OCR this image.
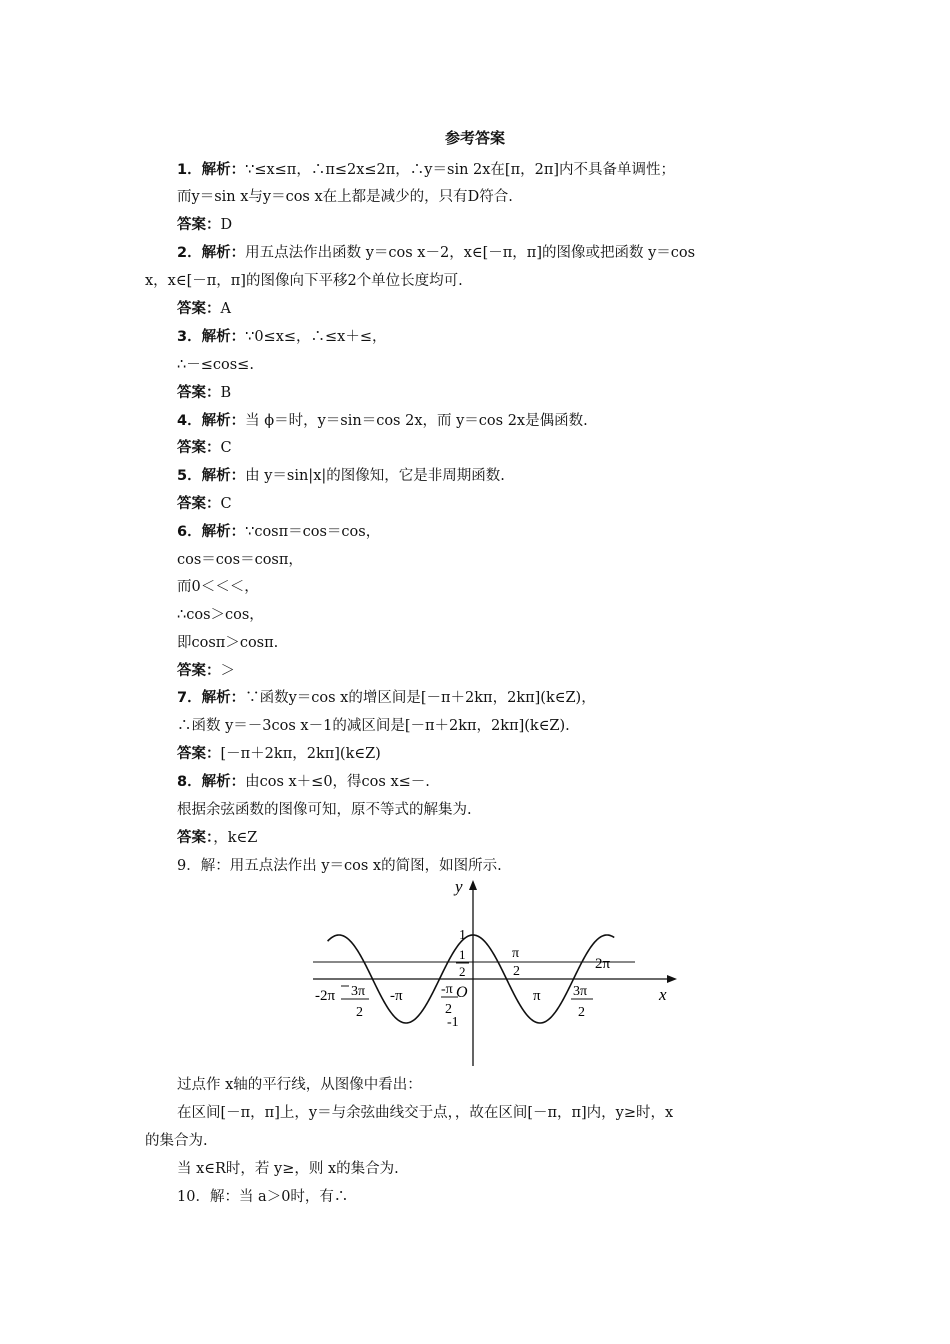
参考答案
1．解析：∵≤x≤π，∴π≤2x≤2π，∴y＝sin 2x在[π，2π]内不具备单调性；
而y＝sin x与y＝cos x在上都是减少的，只有D符合.
答案：D
2．解析：用五点法作出函数 y＝cos x－2，x∈[－π，π]的图像或把函数 y＝cos
x，x∈[－π，π]的图像向下平移2个单位长度均可.
答案：A
3．解析：∵0≤x≤，∴≤x＋≤，
∴－≤cos≤.
答案：B
4．解析：当 ϕ＝时，y＝sin＝cos 2x，而 y＝cos 2x是偶函数.
答案：C
5．解析：由 y＝sin|x|的图像知，它是非周期函数.
答案：C
6．解析：∵cosπ＝cos＝cos，
cos＝cos＝cosπ，
而0＜＜＜，
∴cos＞cos，
即cosπ＞cosπ.
答案：＞
7．解析：∵函数y＝cos x的增区间是[－π＋2kπ，2kπ](k∈Z)，
∴函数 y＝－3cos x－1的减区间是[－π＋2kπ，2kπ](k∈Z).
答案：[－π＋2kπ，2kπ](k∈Z)
8．解析：由cos x＋≤0，得cos x≤－.
根据余弦函数的图像可知，原不等式的解集为.
答案：，k∈Z
9．解：用五点法作出 y＝cos x的简图，如图所示.
y
x
O
1
-1
1
2
π
2	2π
π
-π
2
-π
-2π 3π
2
3π
2
过点作 x轴的平行线，从图像中看出：
在区间[－π，π]上，y＝与余弦曲线交于点，，故在区间[－π，π]内，y≥时，x
的集合为.
当 x∈R时，若 y≥，则 x的集合为.
10．解：当 a＞0时，有∴
